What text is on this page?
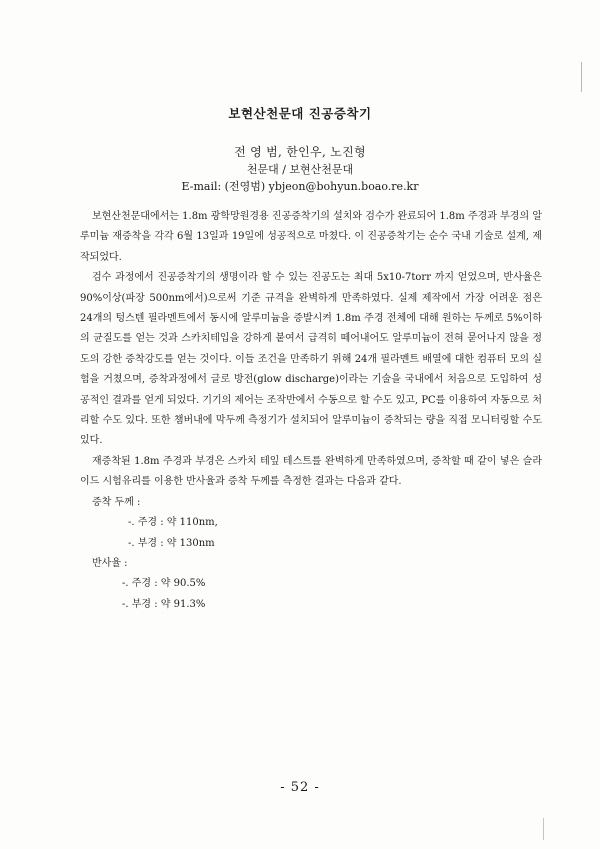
보현산천문대 진공증착기
전 영 범, 한인우, 노진형
천문대 / 보현산천문대
E-mail: (전영범) ybjeon@bohyun.boao.re.kr

보현산천문대에서는 1.8m 광학망원경용 진공증착기의 설치와 검수가 완료되어 1.8m 주경과 부경의 알루미늄 재증착을 각각 6월 13일과 19일에 성공적으로 마쳤다. 이 진공증착기는 순수 국내 기술로 설계, 제작되었다.

검수 과정에서 진공증착기의 생명이라 할 수 있는 진공도는 최대 5x10-7torr 까지 얻었으며, 반사율은 90%이상(파장 500nm에서)으로써 기준 규격을 완벽하게 만족하였다. 실제 제작에서 가장 어려운 점은 24개의 텅스텐 필라멘트에서 동시에 알루미늄을 증발시켜 1.8m 주경 전체에 대해 원하는 두께로 5%이하의 균질도를 얻는 것과 스카치테입을 강하게 붙여서 급격히 떼어내어도 알루미늄이 전혀 묻어나지 않을 정도의 강한 증착강도를 얻는 것이다. 이들 조건을 만족하기 위해 24개 필라멘트 배열에 대한 컴퓨터 모의 실험을 거쳤으며, 증착과정에서 글로 방전(glow discharge)이라는 기술을 국내에서 처음으로 도입하여 성공적인 결과를 얻게 되었다. 기기의 제어는 조작반에서 수동으로 할 수도 있고, PC를 이용하여 자동으로 처리할 수도 있다. 또한 챔버내에 막두께 측정기가 설치되어 알루미늄이 증착되는 량을 직접 모니터링할 수도 있다.

재증착된 1.8m 주경과 부경은 스카치 테잎 테스트를 완벽하게 만족하였으며, 증착할 때 같이 넣은 슬라이드 시험유리를 이용한 반사율과 증착 두께를 측정한 결과는 다음과 같다.

증착 두께 :
-. 주경 : 약 110nm,
-. 부경 : 약 130nm
반사율 :
-. 주경 : 약 90.5%
-. 부경 : 약 91.3%
- 52 -
